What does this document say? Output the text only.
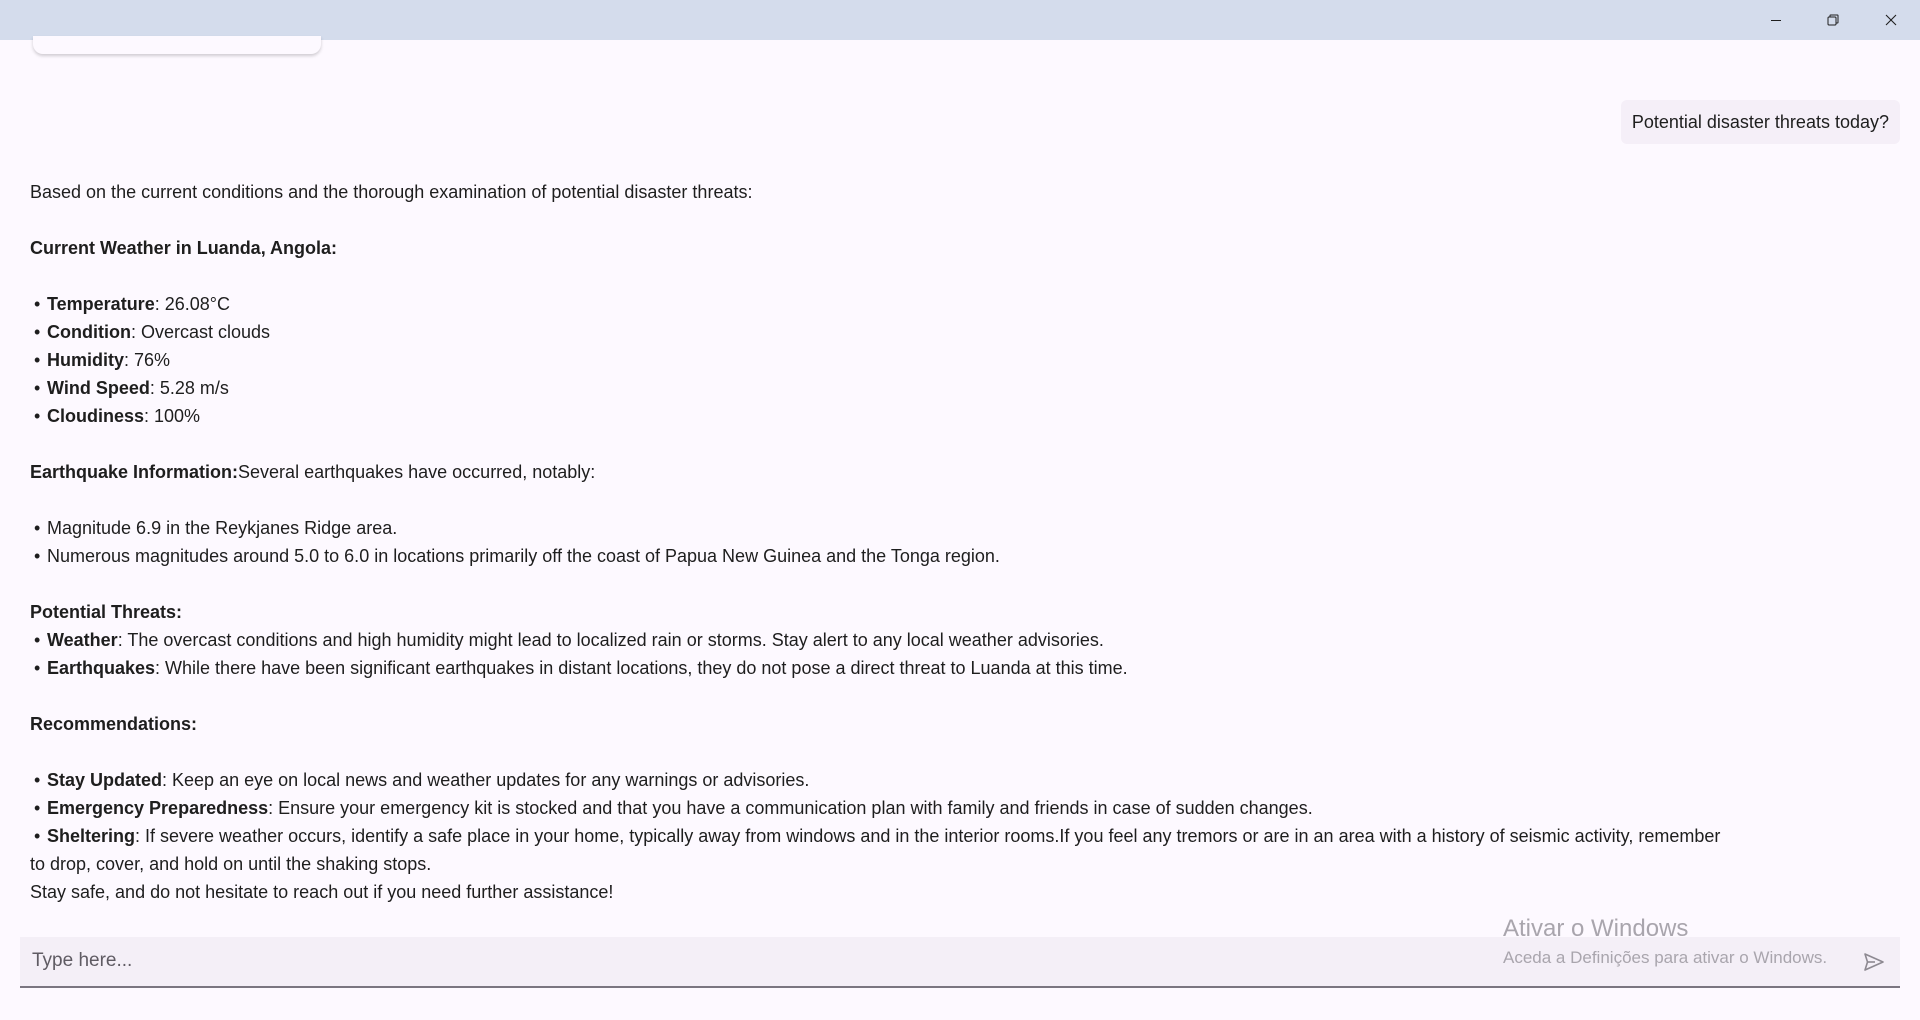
Potential disaster threats today?

Based on the current conditions and the thorough examination of potential disaster threats:

Current Weather in Luanda, Angola:

• Temperature: 26.08°C

• Condition: Overcast clouds

• Humidity: 76%

• Wind Speed: 5.28 m/s

• Cloudiness: 100%

Earthquake Information:Several earthquakes have occurred, notably:

• Magnitude 6.9 in the Reykjanes Ridge area.

• Numerous magnitudes around 5.0 to 6.0 in locations primarily off the coast of Papua New Guinea and the Tonga region.

Potential Threats:

• Weather: The overcast conditions and high humidity might lead to localized rain or storms. Stay alert to any local weather advisories.

• Earthquakes: While there have been significant earthquakes in distant locations, they do not pose a direct threat to Luanda at this time.

Recommendations:

• Stay Updated: Keep an eye on local news and weather updates for any warnings or advisories.

• Emergency Preparedness: Ensure your emergency kit is stocked and that you have a communication plan with family and friends in case of sudden changes.

• Sheltering: If severe weather occurs, identify a safe place in your home, typically away from windows and in the interior rooms.If you feel any tremors or are in an area with a history of seismic activity, remember

to drop, cover, and hold on until the shaking stops.

Stay safe, and do not hesitate to reach out if you need further assistance!

Type here...
Ativar o Windows
Aceda a Definições para ativar o Windows.
